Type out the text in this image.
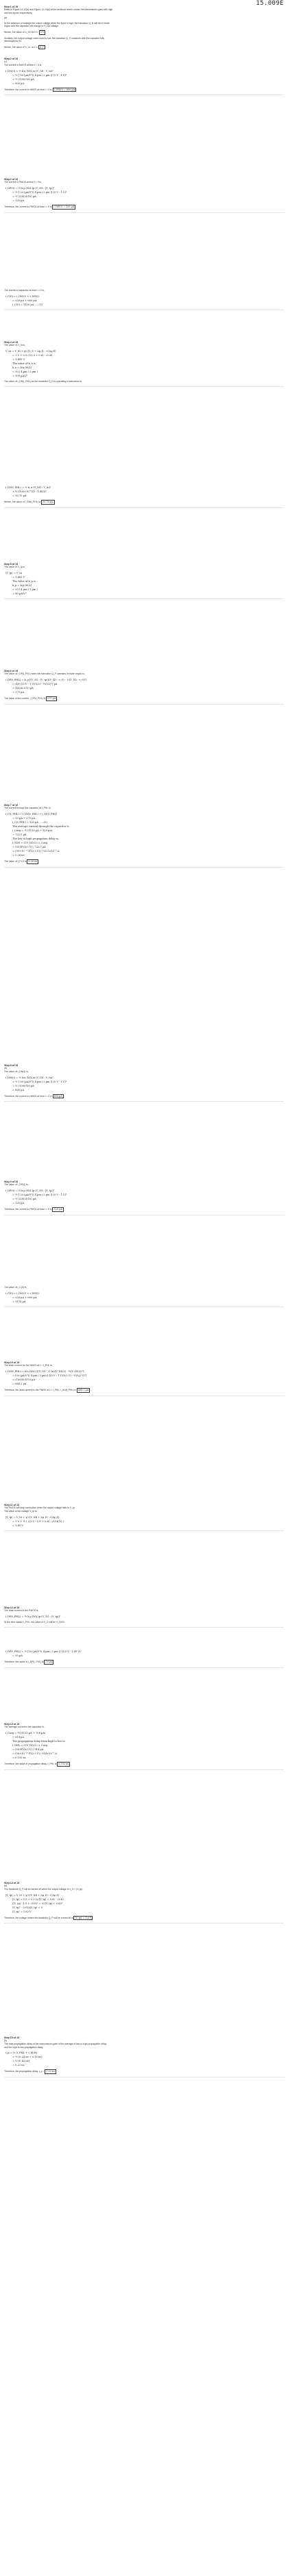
15.009E
Step 1 of 15
Refer to Figure 14.12(a) and Figure 14.13(b) at the textbook where shows the transmission gate with high
and low inputs respectively.
(a)
At the absence of leakage the output voltage when the input is high, the transistor Q_N will be in triode
region and the capacitor will charge to V_DD voltage.
thence, the value of V_OH is 5 V. 5 V
Similarly, the output voltage when input is low, the transistor Q_P conducts until the capacitor fully
discharges to 0V.
thence, the value of V_OL is 0 V. 0 V
Step 2 of 15
(c)
The current in NMOS at time t = 0 is,
i_DN(0) = ½ k'n (W/L)n (V_GS - V_tn)²
= ½ [ 50 (µA/V²)( 4 µm / 2 µm )] (5 V - 1 V)²
= ½ (100)(16) µA
= 800 µA
Therefore, the current in NMOS at time t = 0 is i_DN(0) = 800 µA
Step 2 of 15
The current in PMOS at time t = 0 is,
i_DP(0) = ½ k'p (W/L)p (V_SG - |V_tp|)²
= ½ [ 20 (µA/V²)( 4 µm / 2 µm )] (5 V - 1 V)²
= ½ (20)(2)(16) µA
= 320 µA
Therefore, the current in PMOS at time t = 0 is i_DP(0) = 320 µA
The current in capacitor at time t = 0 is,
i_C(0) = i_DN(0) + i_DP(0)
= 320 µA + 800 µA
i_C(0) = 1120 µA ......(1)
Step 4 of 15
The value of V_tn is,
V_tn = V_t0 + γ(√(V_S + 2φ_f) - √(2φ_f))
= 1 V + 0.5 (√(2.5 + 0.6) - √0.6)
= 1.483 V
The value of k_n is,
k_n = k'n (W/L)
= 50 ( 4 µm / 2 µm )
= 100 µA/V²
The value of i_DN(t_PHL) as the transistor Q_N is operating in saturation is,
i_DN(t_PHL) = ½ k_n (V_DD - V_tn)²
= ½ (100×10⁻⁶)(5 - 1.483)²
= 30.70 µA
thence, the value of i_DN(t_PHL) is 30.70 µA
Step 5 of 15
The value of V_tp is,
|V_tp| = V_tn
= 1.483 V
The value of k_p is,
k_p = k'p (W/L)
= 20 ( 4 µm / 2 µm )
= 40 µA/V²
Step 6 of 15
The value of i_DP(t_PHL) when the transistor Q_P operates in triode region is,
i_DP(t_PHL) = k_p [(V_SG - |V_tp|)(V_SD - v_O) - ½(V_SD - v_O)²]
= (40) [(5 V - 1 V)(5/2) - ½(5/2)²] µA
= (40)(6.875) µA
= 275 µA
The value of the current, i_DP(t_PHL) is 275 µA
Step 7 of 15
The current through the capacitor at t_PHL is,
i_C(t_PHL) = i_DN(t_PHL) + i_DP(t_PHL)
= 30 µA + 275 µA
i_C(t_PHL) = 325 µA ......(2)
The average current through the capacitor is,
i_Cavg = ½ (1120 µA + 325 µA)
= 722.5 µA
The low to high propagation delay is,
t_PLH = C(V_DD/2) / i_Cavg
= (50 fF)(5/2 V) / 722.5 µA
= (50×10⁻¹⁵ F)(2.5 V) / 722.5×10⁻⁶ A
= 0.26 ns
The value of t_PLH is 0.26 ns
Step 8 of 15
(b)
The value of i_DN(0) is,
i_DN(0) = ½ k'n (W/L)n (V_GS - V_tn)²
= ½ [ 50 (µA/V²)( 4 µm / 2 µm )] (5 V - 1 V)²
= ½ (100)(16) µA
= 800 µA
Therefore, the current in NMOS at time t = 0 is 800 µA
Step 9 of 15
The value of i_DP(0) is,
i_DP(0) = ½ k'p (W/L)p (V_SG - |V_tp|)²
= ½ [ 20 (µA/V²)( 4 µm / 2 µm )] (5 V - 1 V)²
= ½ (20)(2)(16) µA
= 320 µA
Therefore, the current in PMOS at time t = 0 is 320 µA
The value of i_C(0) is,
i_C(0) = i_DN(0) + i_DP(0)
= 320 µA + 800 µA
= 1120 µA
Step 10 of 15
The drain current for the NMOS at t = t_PHL is,
i_DN(t_PHL) = k'n (W/L) [(V_GS - V_tn)(V_DD/2) - ½(V_DD/2)²]
= (50 (µA/V²)( 4 µm / 2 µm )) [(5 V - 1 V)(5/2 V) - ½(5/2 V)²]
= (100)(6.875) µA
= 688.2 µA
Therefore, the drain current in the PMOS at t = t_PHL, i_DN(t_PHL) is 688.2 µA
Step 11 of 15
The PMOS will stop conduction when the output voltage falls to V_tp.
The value of the voltage V_tp is,
|V_tp| = V_t0 + γ(√(V_SB + 2φ_f) - √(2φ_f))
= 1 V + ½ ( √(5 V - 0 V + 0.6) - √(0.6 V) )
= 1.49 V
Step 12 of 15
The drain current in the PMOS is,
i_DP(t_PHL) = ½ k'p (W/L)p (V_SG - |V_tp|)²
At the time instant t_PHL, the value of V_G will be V_DD/2.
i_DP(t_PHL) = ½ [20 (µA/V²)( 4 µm / 2 µm )] (5/2 V - 1.49 V)²
= 39 µA
Therefore, the value of i_DP(t_PHL) is 39 µA
Step 13 of 15
The average current in the capacitor is,
i_Cavg = ½ (1120 µA + 708 µA)
= 914 µA
The propagation delay from high to low is,
t_PHL = C(V_DD/2) / i_Cavg
= (50 fF)(5/2 V) / 914 µA
= (50×10⁻¹⁵ F)(2.5 V) / 914×10⁻⁶ A
= 0.192 ns
Therefore, the value of propagation delay, t_PHL is 0.192 ns
Step 14 of 15
(b)
The transistor Q_P will be turned off when the output voltage is v_O = |V_tp|.
|V_tp| = V_t0 + γ(√(V_SB + 2φ_f) - √(2φ_f))
|V_tp| = 1.5 + 0.5 (√(|V_tp| + 0.6) - √0.6)
(|V_tp| - 1.5 + √0.6)² = (√(|V_tp| + 0.6))²
|V_tp|² - 0.916|V_tp| = 0
|V_tp| = 1.62 V
Therefore, the voltage where the transistor Q_P will be turned off is |V_tp| = 1.6 V
Step 15 of 15
(b)
The total propagation delay of the transmission gate is the average of low-to-high propagation delay
and the high-to-low propagation delay.
t_p = ½ (t_PHL + t_PLH)
= ½ (0.24 ns + 0.19 ns)
= ½ (0.43 ns)
= 0.22 ns
Therefore, the propagation delay, t_p = 0.22 ns
